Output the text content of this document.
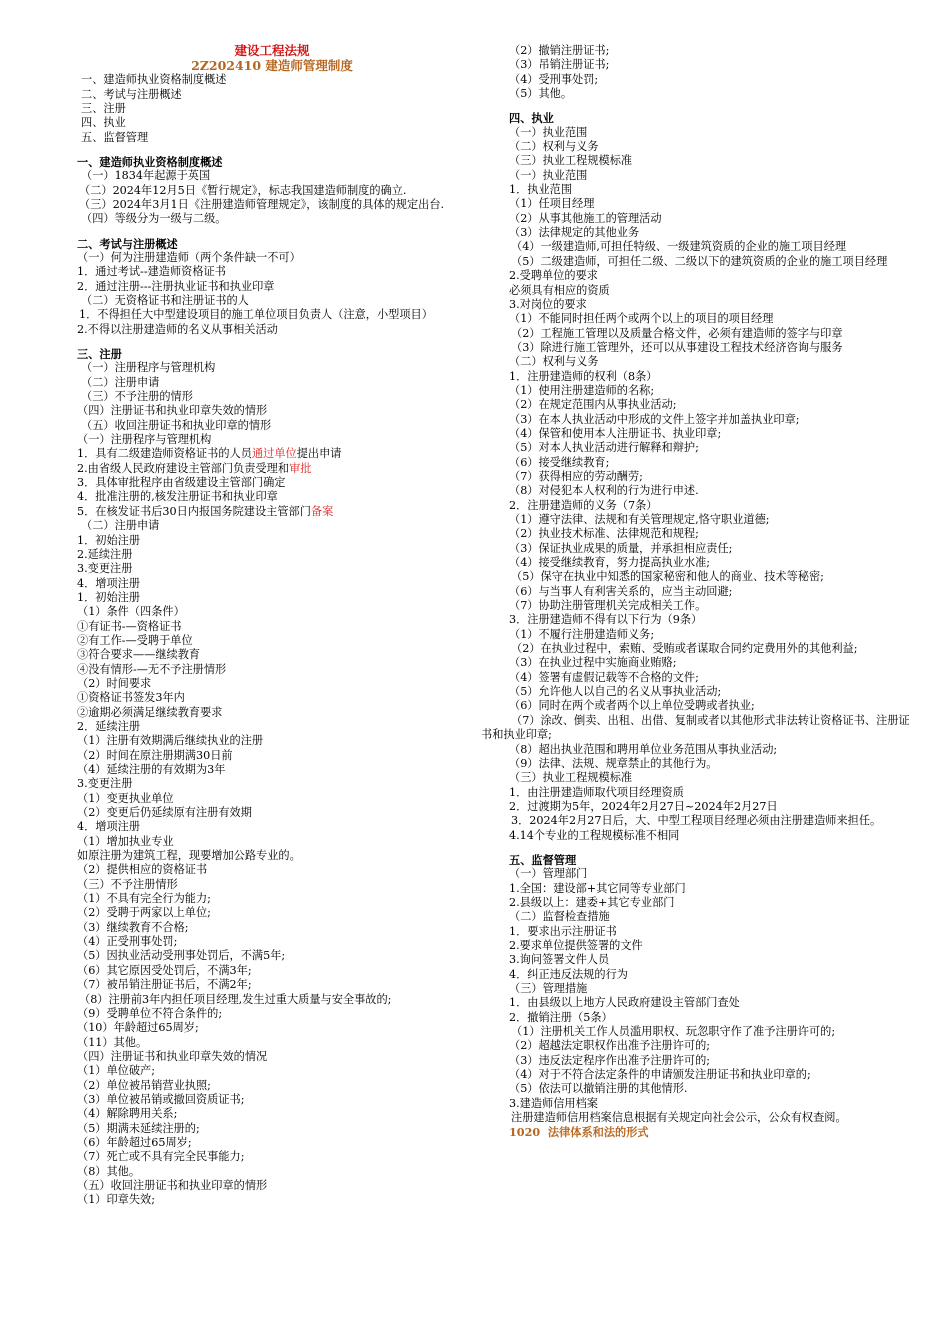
建设工程法规
2Z202410 建造师管理制度
一、建造师执业资格制度概述
二、考试与注册概述
三、注册
四、执业
五、监督管理
一、建造师执业资格制度概述
（一）1834年起源于英国
（二）2024年12月5日《暂行规定》，标志我国建造师制度的确立.
（三）2024年3月1日《注册建造师管理规定》，该制度的具体的规定出台.
（四）等级分为一级与二级。
二、考试与注册概述
（一）何为注册建造师（两个条件缺一不可）
1．通过考试--建造师资格证书
2．通过注册---注册执业证书和执业印章
（二）无资格证书和注册证书的人
1．不得担任大中型建设项目的施工单位项目负责人（注意，小型项目）
2.不得以注册建造师的名义从事相关活动
三、注册
（一）注册程序与管理机构
（二）注册申请
（三）不予注册的情形
（四）注册证书和执业印章失效的情形
（五）收回注册证书和执业印章的情形
（一）注册程序与管理机构
1．具有二级建造师资格证书的人员通过单位提出申请
2.由省级人民政府建设主管部门负责受理和审批
3．具体审批程序由省级建设主管部门确定
4．批准注册的,核发注册证书和执业印章
5．在核发证书后30日内报国务院建设主管部门备案
（二）注册申请
1．初始注册
2.延续注册
3.变更注册
4．增项注册
1．初始注册
（1）条件（四条件）
①有证书-—资格证书
②有工作-—受聘于单位
③符合要求——继续教育
④没有情形-—无不予注册情形
（2）时间要求
①资格证书签发3年内
②逾期必须满足继续教育要求
2．延续注册
（1）注册有效期满后继续执业的注册
（2）时间在原注册期满30日前
（4）延续注册的有效期为3年
3.变更注册
（1）变更执业单位
（2）变更后仍延续原有注册有效期
4．增项注册
（1）增加执业专业
如原注册为建筑工程，现要增加公路专业的。
（2）提供相应的资格证书
（三）不予注册情形
（1）不具有完全行为能力;
（2）受聘于两家以上单位;
（3）继续教育不合格;
（4）正受刑事处罚;
（5）因执业活动受刑事处罚后，不满5年;
（6）其它原因受处罚后，不满3年;
（7）被吊销注册证书后，不满2年;
（8）注册前3年内担任项目经理,发生过重大质量与安全事故的;
（9）受聘单位不符合条件的;
（10）年龄超过65周岁;
（11）其他。
（四）注册证书和执业印章失效的情况
（1）单位破产;
（2）单位被吊销营业执照;
（3）单位被吊销或撤回资质证书;
（4）解除聘用关系;
（5）期满未延续注册的;
（6）年龄超过65周岁;
（7）死亡或不具有完全民事能力;
（8）其他。
（五）收回注册证书和执业印章的情形
（1）印章失效;
（2）撤销注册证书;
（3）吊销注册证书;
（4）受刑事处罚;
（5）其他。
四、执业
（一）执业范围
（二）权利与义务
（三）执业工程规模标准
（一）执业范围
1．执业范围
（1）任项目经理
（2）从事其他施工的管理活动
（3）法律规定的其他业务
（4）一级建造师,可担任特级、一级建筑资质的企业的施工项目经理
（5）二级建造师，可担任二级、二级以下的建筑资质的企业的施工项目经理
2.受聘单位的要求
必须具有相应的资质
3.对岗位的要求
（1）不能同时担任两个或两个以上的项目的项目经理
（2）工程施工管理以及质量合格文件，必须有建造师的签字与印章
（3）除进行施工管理外，还可以从事建设工程技术经济咨询与服务
（二）权利与义务
1．注册建造师的权利（8条）
（1）使用注册建造师的名称;
（2）在规定范围内从事执业活动;
（3）在本人执业活动中形成的文件上签字并加盖执业印章;
（4）保管和使用本人注册证书、执业印章;
（5）对本人执业活动进行解释和辩护;
（6）接受继续教育;
（7）获得相应的劳动酬劳;
（8）对侵犯本人权利的行为进行申述.
2．注册建造师的义务（7条）
（1）遵守法律、法规和有关管理规定,恪守职业道德;
（2）执业技术标准、法律规范和规程;
（3）保证执业成果的质量，并承担相应责任;
（4）接受继续教育，努力提高执业水准;
（5）保守在执业中知悉的国家秘密和他人的商业、技术等秘密;
（6）与当事人有利害关系的，应当主动回避;
（7）协助注册管理机关完成相关工作。
3．注册建造师不得有以下行为（9条）
（1）不履行注册建造师义务;
（2）在执业过程中，索贿、受贿或者谋取合同约定费用外的其他利益;
（3）在执业过程中实施商业贿赂;
（4）签署有虚假记载等不合格的文件;
（5）允许他人以自己的名义从事执业活动;
（6）同时在两个或者两个以上单位受聘或者执业;
（7）涂改、倒卖、出租、出借、复制或者以其他形式非法转让资格证书、注册证书和执业印章;
（8）超出执业范围和聘用单位业务范围从事执业活动;
（9）法律、法规、规章禁止的其他行为。
（三）执业工程规模标准
1．由注册建造师取代项目经理资质
2．过渡期为5年，2024年2月27日~2024年2月27日
3．2024年2月27日后，大、中型工程项目经理必须由注册建造师来担任。
4.14个专业的工程规模标准不相同
五、监督管理
（一）管理部门
1.全国：建设部+其它同等专业部门
2.县级以上：建委+其它专业部门
（二）监督检查措施
1．要求出示注册证书
2.要求单位提供签署的文件
3.询问签署文件人员
4．纠正违反法规的行为
（三）管理措施
1．由县级以上地方人民政府建设主管部门查处
2．撤销注册（5条）
（1）注册机关工作人员滥用职权、玩忽职守作了准予注册许可的;
（2）超越法定职权作出准予注册许可的;
（3）违反法定程序作出准予注册许可的;
（4）对于不符合法定条件的申请颁发注册证书和执业印章的;
（5）依法可以撤销注册的其他情形.
3.建造师信用档案
注册建造师信用档案信息根据有关规定向社会公示，公众有权查阅。
1020  法律体系和法的形式
